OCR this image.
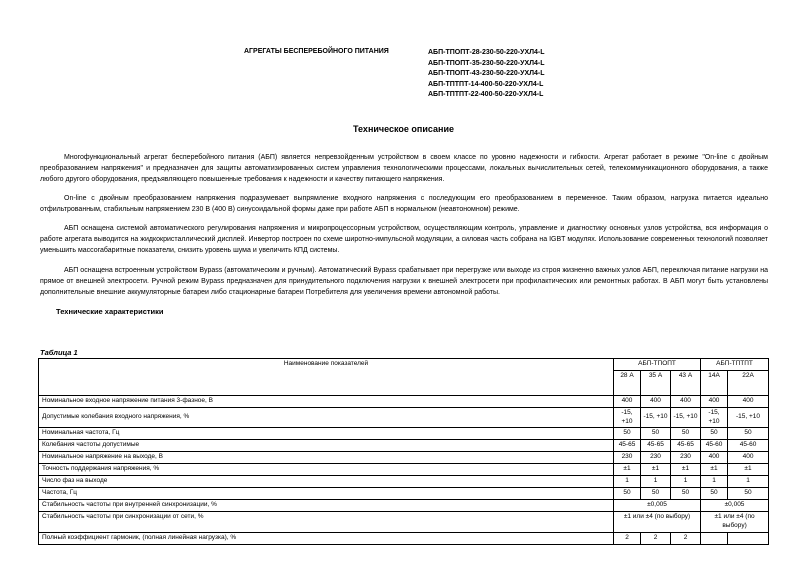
АГРЕГАТЫ БЕСПЕРЕБОЙНОГО ПИТАНИЯ	АБП-ТПОПТ-28-230-50-220-УХЛ4-L
АБП-ТПОПТ-35-230-50-220-УХЛ4-L
АБП-ТПОПТ-43-230-50-220-УХЛ4-L
АБП-ТПТПТ-14-400-50-220-УХЛ4-L
АБП-ТПТПТ-22-400-50-220-УХЛ4-L
Техническое описание
Многофункциональный агрегат бесперебойного питания (АБП) является непревзойденным устройством в своем классе по уровню надежности и гибкости. Агрегат работает в режиме "On-line с двойным преобразованием напряжения" и предназначен для защиты автоматизированных систем управления технологическими процессами, локальных вычислительных сетей, телекоммуникационного оборудования, а также любого другого оборудования, предъявляющего повышенные требования к надежности и качеству питающего напряжения.
On-line с двойным преобразованием напряжения подразумевает выпрямление входного напряжения с последующим его преобразованием в переменное. Таким образом, нагрузка питается идеально отфильтрованным, стабильным напряжением 230 В (400 В) синусоидальной формы даже при работе АБП в нормальном (неавтономном) режиме.
АБП оснащена системой автоматического регулирования напряжения и микропроцессорным устройством, осуществляющим контроль, управление и диагностику основных узлов устройства, вся информация о работе агрегата выводится на жидкокристаллический дисплей. Инвертор построен по схеме широтно-импульсной модуляции, а силовая часть собрана на IGBT модулях. Использование современных технологий позволяет уменьшить массогабаритные показатели, снизить уровень шума и увеличить КПД системы.
АБП оснащена встроенным устройством Bypass (автоматическим и ручным). Автоматический Bypass срабатывает при перегрузке или выходе из строя жизненно важных узлов АБП, переключая питание нагрузки на прямое от внешней электросети. Ручной режим Bypass предназначен для принудительного подключения нагрузки к внешней электросети при профилактических или ремонтных работах. В АБП могут быть установлены дополнительные внешние аккумуляторные батареи либо стационарные батареи Потребителя для увеличения времени автономной работы.
Технические характеристики
Таблица 1
Наименование показателей	АБП-ТПОПТ			АБП-ТПТПТ	
	28 А	35 А	43 А	14А	22А
Номинальное входное напряжение питания 3-фазное, В	400	400	400	400	400
Допустимые колебания входного напряжения, %	-15, +10	-15, +10	-15, +10	-15, +10	-15, +10
Номинальная частота, Гц	50	50	50	50	50
Колебания частоты допустимые	45-65	45-65	45-65	45-60	45-60
Номинальное напряжение на выходе, В	230	230	230	400	400
Точность поддержания напряжения, %	±1	±1	±1	±1	±1
Число фаз на выходе	1	1	1	1	1
Частота, Гц	50	50	50	50	50
Стабильность частоты при внутренней синхронизации, %	±0,005			±0,005	
Стабильность частоты при синхронизации от сети, %	±1 или ±4 (по выбору)			±1 или ±4 (по выбору)	
Полный коэффициент гармоник, (полная линейная нагрузка), %	2	2	2		
